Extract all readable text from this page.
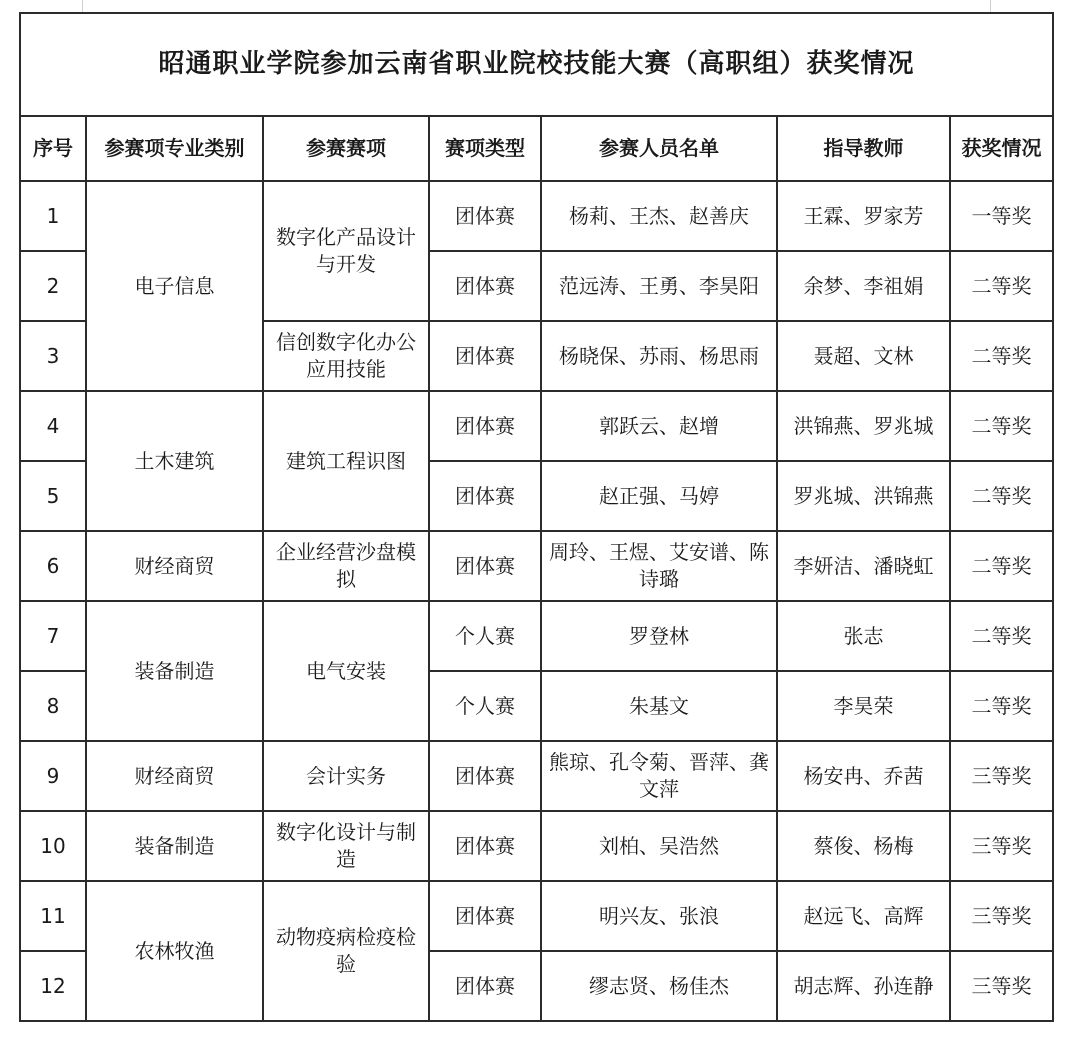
昭通职业学院参加云南省职业院校技能大赛（高职组）获奖情况						
序号	参赛项专业类别	参赛赛项	赛项类型	参赛人员名单	指导教师	获奖情况
1	电子信息	数字化产品设计与开发	团体赛	杨莉、王杰、赵善庆	王霖、罗家芳	一等奖
2			团体赛	范远涛、王勇、李昊阳	余梦、李祖娟	二等奖
3		信创数字化办公应用技能	团体赛	杨晓保、苏雨、杨思雨	聂超、文林	二等奖
4	土木建筑	建筑工程识图	团体赛	郭跃云、赵增	洪锦燕、罗兆城	二等奖
5			团体赛	赵正强、马婷	罗兆城、洪锦燕	二等奖
6	财经商贸	企业经营沙盘模拟	团体赛	周玲、王煜、艾安谱、陈诗璐	李妍洁、潘晓虹	二等奖
7	装备制造	电气安装	个人赛	罗登林	张志	二等奖
8			个人赛	朱基文	李昊荣	二等奖
9	财经商贸	会计实务	团体赛	熊琼、孔令菊、晋萍、龚文萍	杨安冉、乔茜	三等奖
10	装备制造	数字化设计与制造	团体赛	刘柏、吴浩然	蔡俊、杨梅	三等奖
11	农林牧渔	动物疫病检疫检验	团体赛	明兴友、张浪	赵远飞、高辉	三等奖
12			团体赛	缪志贤、杨佳杰	胡志辉、孙连静	三等奖
